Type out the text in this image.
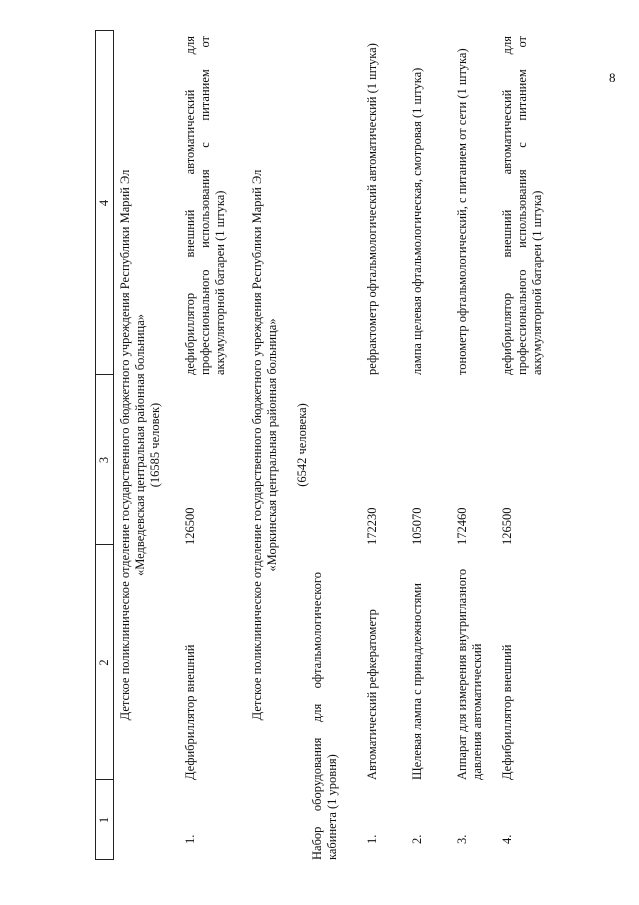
8
1
2
3
4 Детское поликлиническое отделение государственного бюджетного учреждения Республики Марий Эл «Медведевская центральная районная больница» (16585 человек)
1.
Дефибриллятор внешний
126500
дефибриллятор внешний автоматический для профессионального использования с питанием от аккумуляторной батареи (1 штука) Детское поликлиническое отделение государственного бюджетного учреждения Республики Марий Эл «Моркинская центральная районная больница» (6542 человека)
Набор оборудования для офтальмологического кабинета (1 уровня) 1.
Автоматический рефкератометр
172230
рефрактометр офтальмологический автоматический (1 штука)
2.
Щелевая лампа с принадлежностями
105070
лампа щелевая офтальмологическая, смотровая (1 штука)
3.
Аппарат для измерения внутриглазного давления автоматический
172460
тонометр офтальмологический, с питанием от сети (1 штука)
4.
Дефибриллятор внешний
126500
дефибриллятор внешний автоматический для профессионального использования с питанием от аккумуляторной батареи (1 штука)
